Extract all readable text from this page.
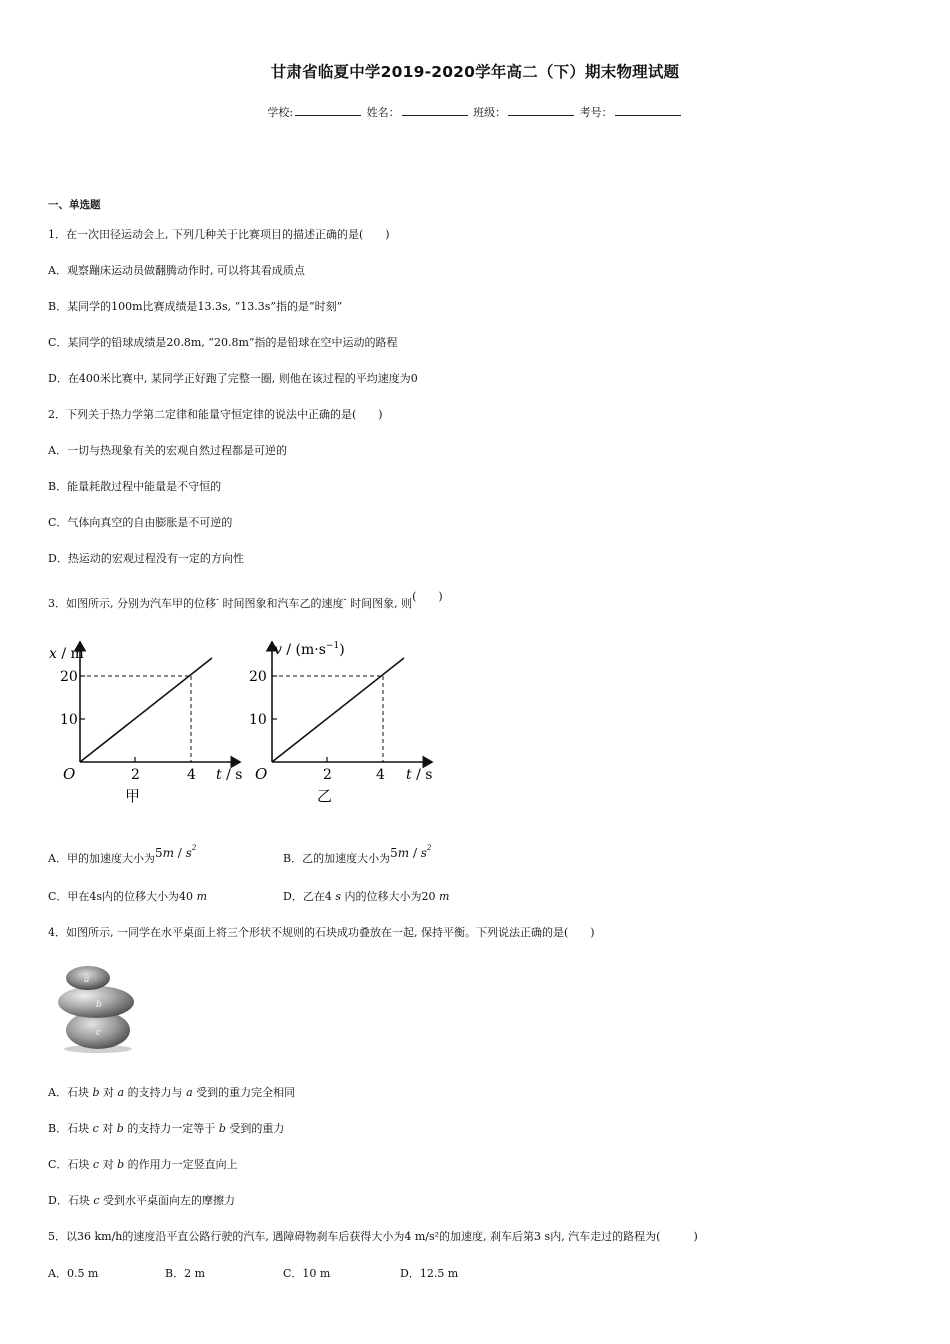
甘肃省临夏中学2019-2020学年高二（下）期末物理试题
学校:	姓名：	班级：	考号：
一、单选题
1．在一次田径运动会上, 下列几种关于比赛项目的描述正确的是(　　)
A．观察蹦床运动员做翻腾动作时, 可以将其看成质点
B．某同学的100m比赛成绩是13.3s, “13.3s”指的是“时刻”
C．某同学的铅球成绩是20.8m, “20.8m”指的是铅球在空中运动的路程
D．在400米比赛中, 某同学正好跑了完整一圈, 则他在该过程的平均速度为0
2．下列关于热力学第二定律和能量守恒定律的说法中正确的是(　　)
A．一切与热现象有关的宏观自然过程都是可逆的
B．能量耗散过程中能量是不守恒的
C．气体向真空的自由膨胀是不可逆的
D．热运动的宏观过程没有一定的方向性
3．如图所示, 分别为汽车甲的位移- 时间图象和汽车乙的速度- 时间图象, 则(　　)
x / m
20
10
O	2	4 t / s
甲
$v / (m\cdot s^{-1})$
20
10
O	2	4 t / s
乙
A．甲的加速度大小为$5m / s^2$
B．乙的加速度大小为$5m / s^2$
C．甲在4s内的位移大小为40 m	D．乙在4 s 内的位移大小为20 m
4．如图所示, 一同学在水平桌面上将三个形状不规则的石块成功叠放在一起, 保持平衡。下列说法正确的是(　　)
a
b
c
A．石块 b 对 a 的支持力与 a 受到的重力完全相同
B．石块 c 对 b 的支持力一定等于 b 受到的重力
C．石块 c 对 b 的作用力一定竖直向上
D．石块 c 受到水平桌面向左的摩擦力
5．以36 km/h的速度沿平直公路行驶的汽车, 遇障碍物刹车后获得大小为4 m/s²的加速度, 刹车后第3 s内, 汽车走过的路程为(　　　)
A．0.5 m	B．2 m	C．10 m	D．12.5 m
